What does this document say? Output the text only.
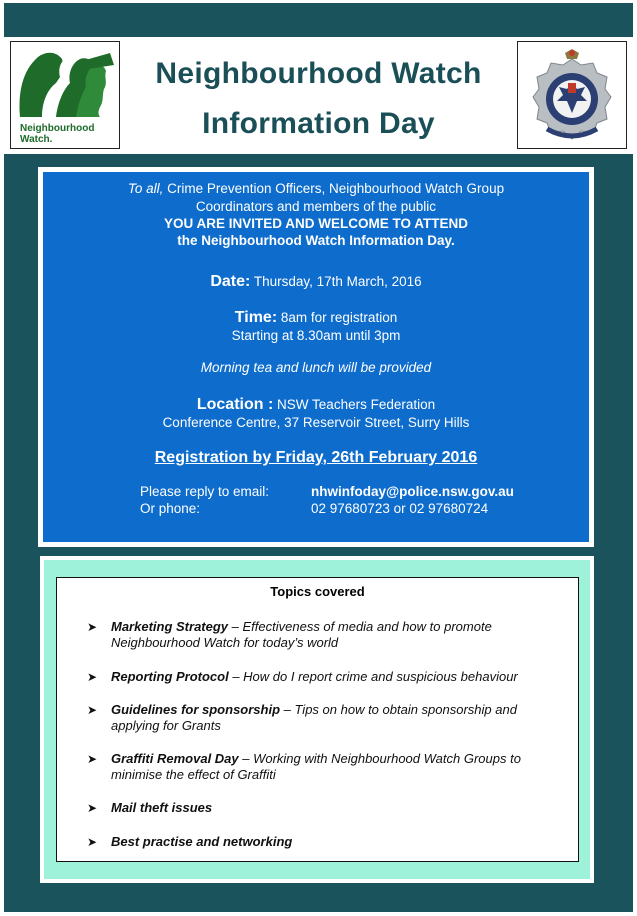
Neighbourhood
Watch.
Neighbourhood Watch
Information Day
To all, Crime Prevention Officers, Neighbourhood Watch Group
Coordinators and members of the public
YOU ARE INVITED AND WELCOME TO ATTEND
the Neighbourhood Watch Information Day.
Date: Thursday, 17th March, 2016
Time: 8am for registration
Starting at 8.30am until 3pm
Morning tea and lunch will be provided
Location : NSW Teachers Federation
Conference Centre, 37 Reservoir Street, Surry Hills
Registration by Friday, 26th February 2016
Please reply to email:	nhwinfoday@police.nsw.gov.au
Or phone:	02 97680723 or 02 97680724
Topics covered
➤ Marketing Strategy – Effectiveness of media and how to promote Neighbourhood Watch for today’s world
➤ Reporting Protocol – How do I report crime and suspicious behaviour
➤ Guidelines for sponsorship – Tips on how to obtain sponsorship and applying for Grants
➤ Graffiti Removal Day – Working with Neighbourhood Watch Groups to minimise the effect of Graffiti
➤ Mail theft issues
➤ Best practise and networking
